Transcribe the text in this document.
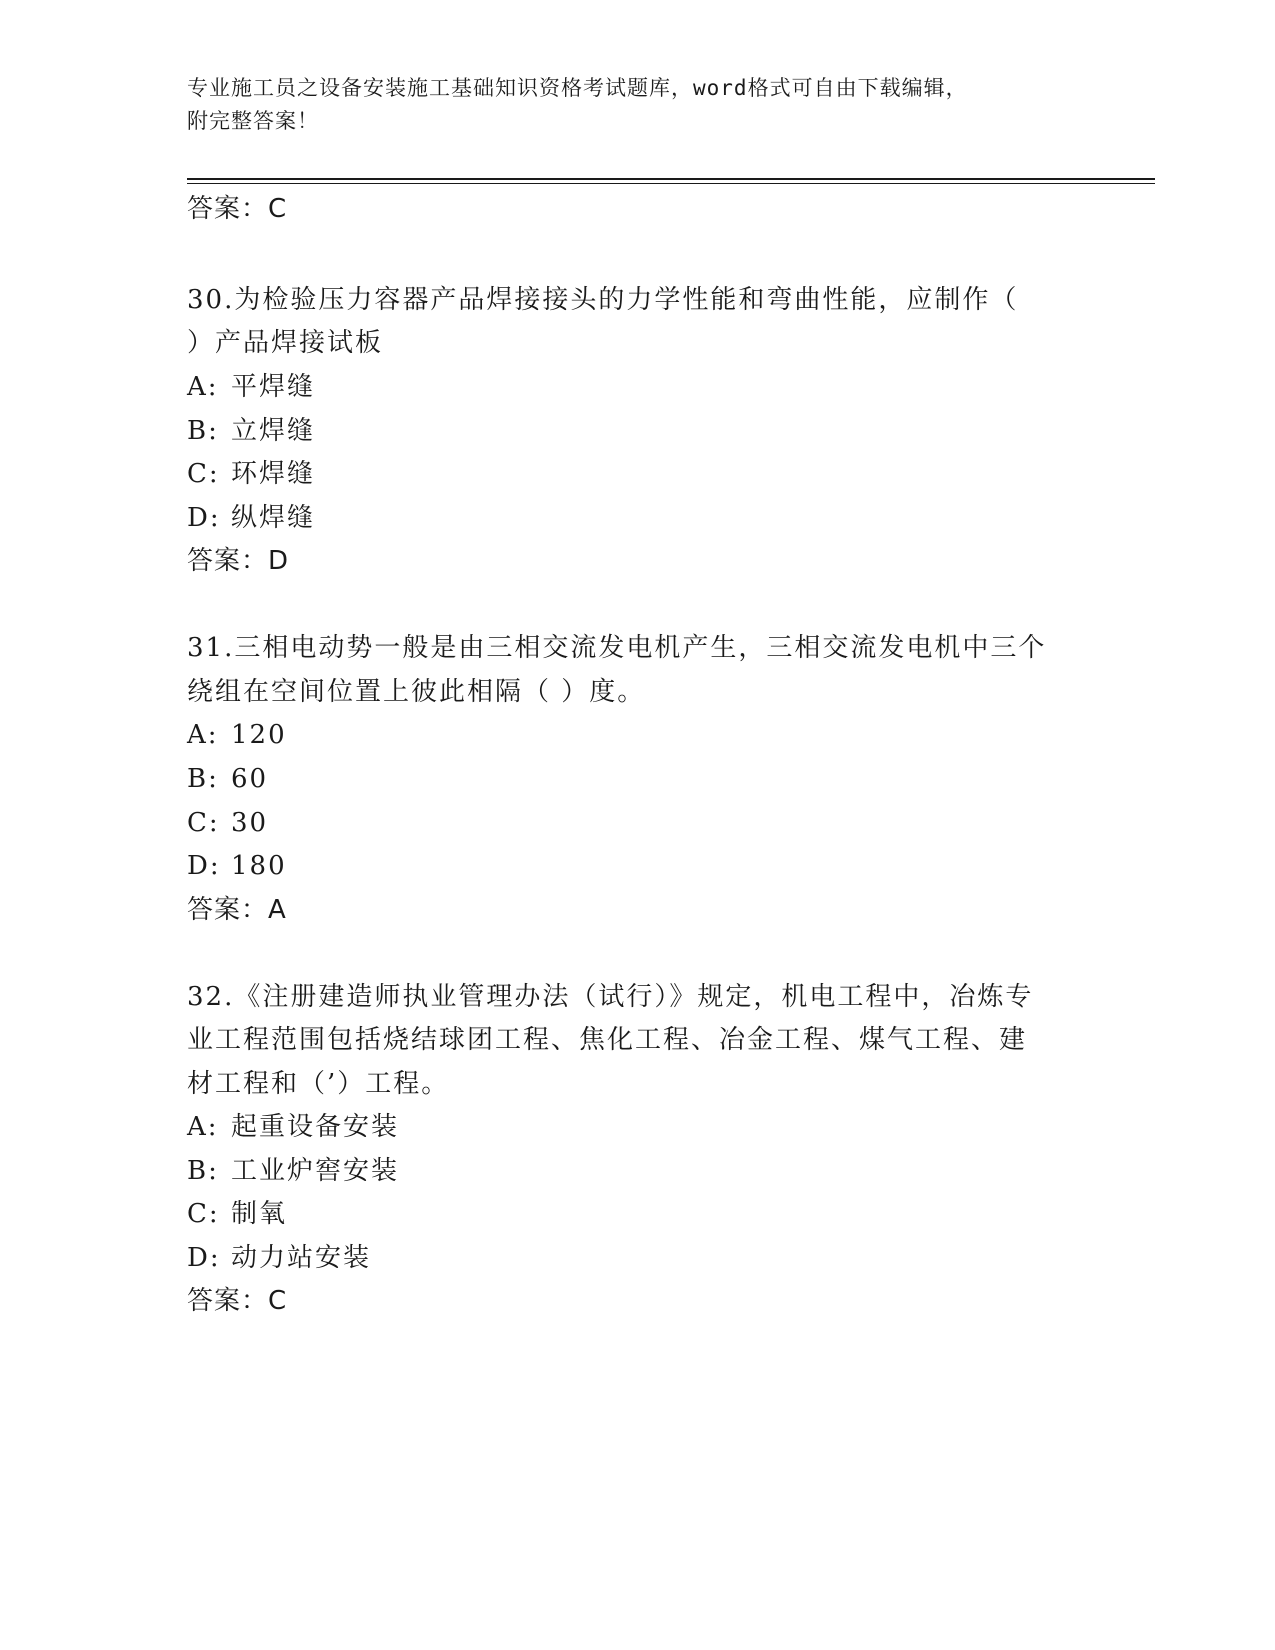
专业施工员之设备安装施工基础知识资格考试题库，word格式可自由下载编辑，
附完整答案！
答案：C
30.为检验压力容器产品焊接接头的力学性能和弯曲性能，应制作（
）产品焊接试板
A: 平焊缝
B: 立焊缝
C: 环焊缝
D: 纵焊缝
答案：D
31.三相电动势一般是由三相交流发电机产生，三相交流发电机中三个
绕组在空间位置上彼此相隔（ ）度。
A: 120
B: 60
C: 30
D: 180
答案：A
32.《注册建造师执业管理办法（试行）》规定，机电工程中，冶炼专
业工程范围包括烧结球团工程、焦化工程、冶金工程、煤气工程、建
材工程和（’）工程。
A: 起重设备安装
B: 工业炉窖安装
C: 制氧
D: 动力站安装
答案：C
